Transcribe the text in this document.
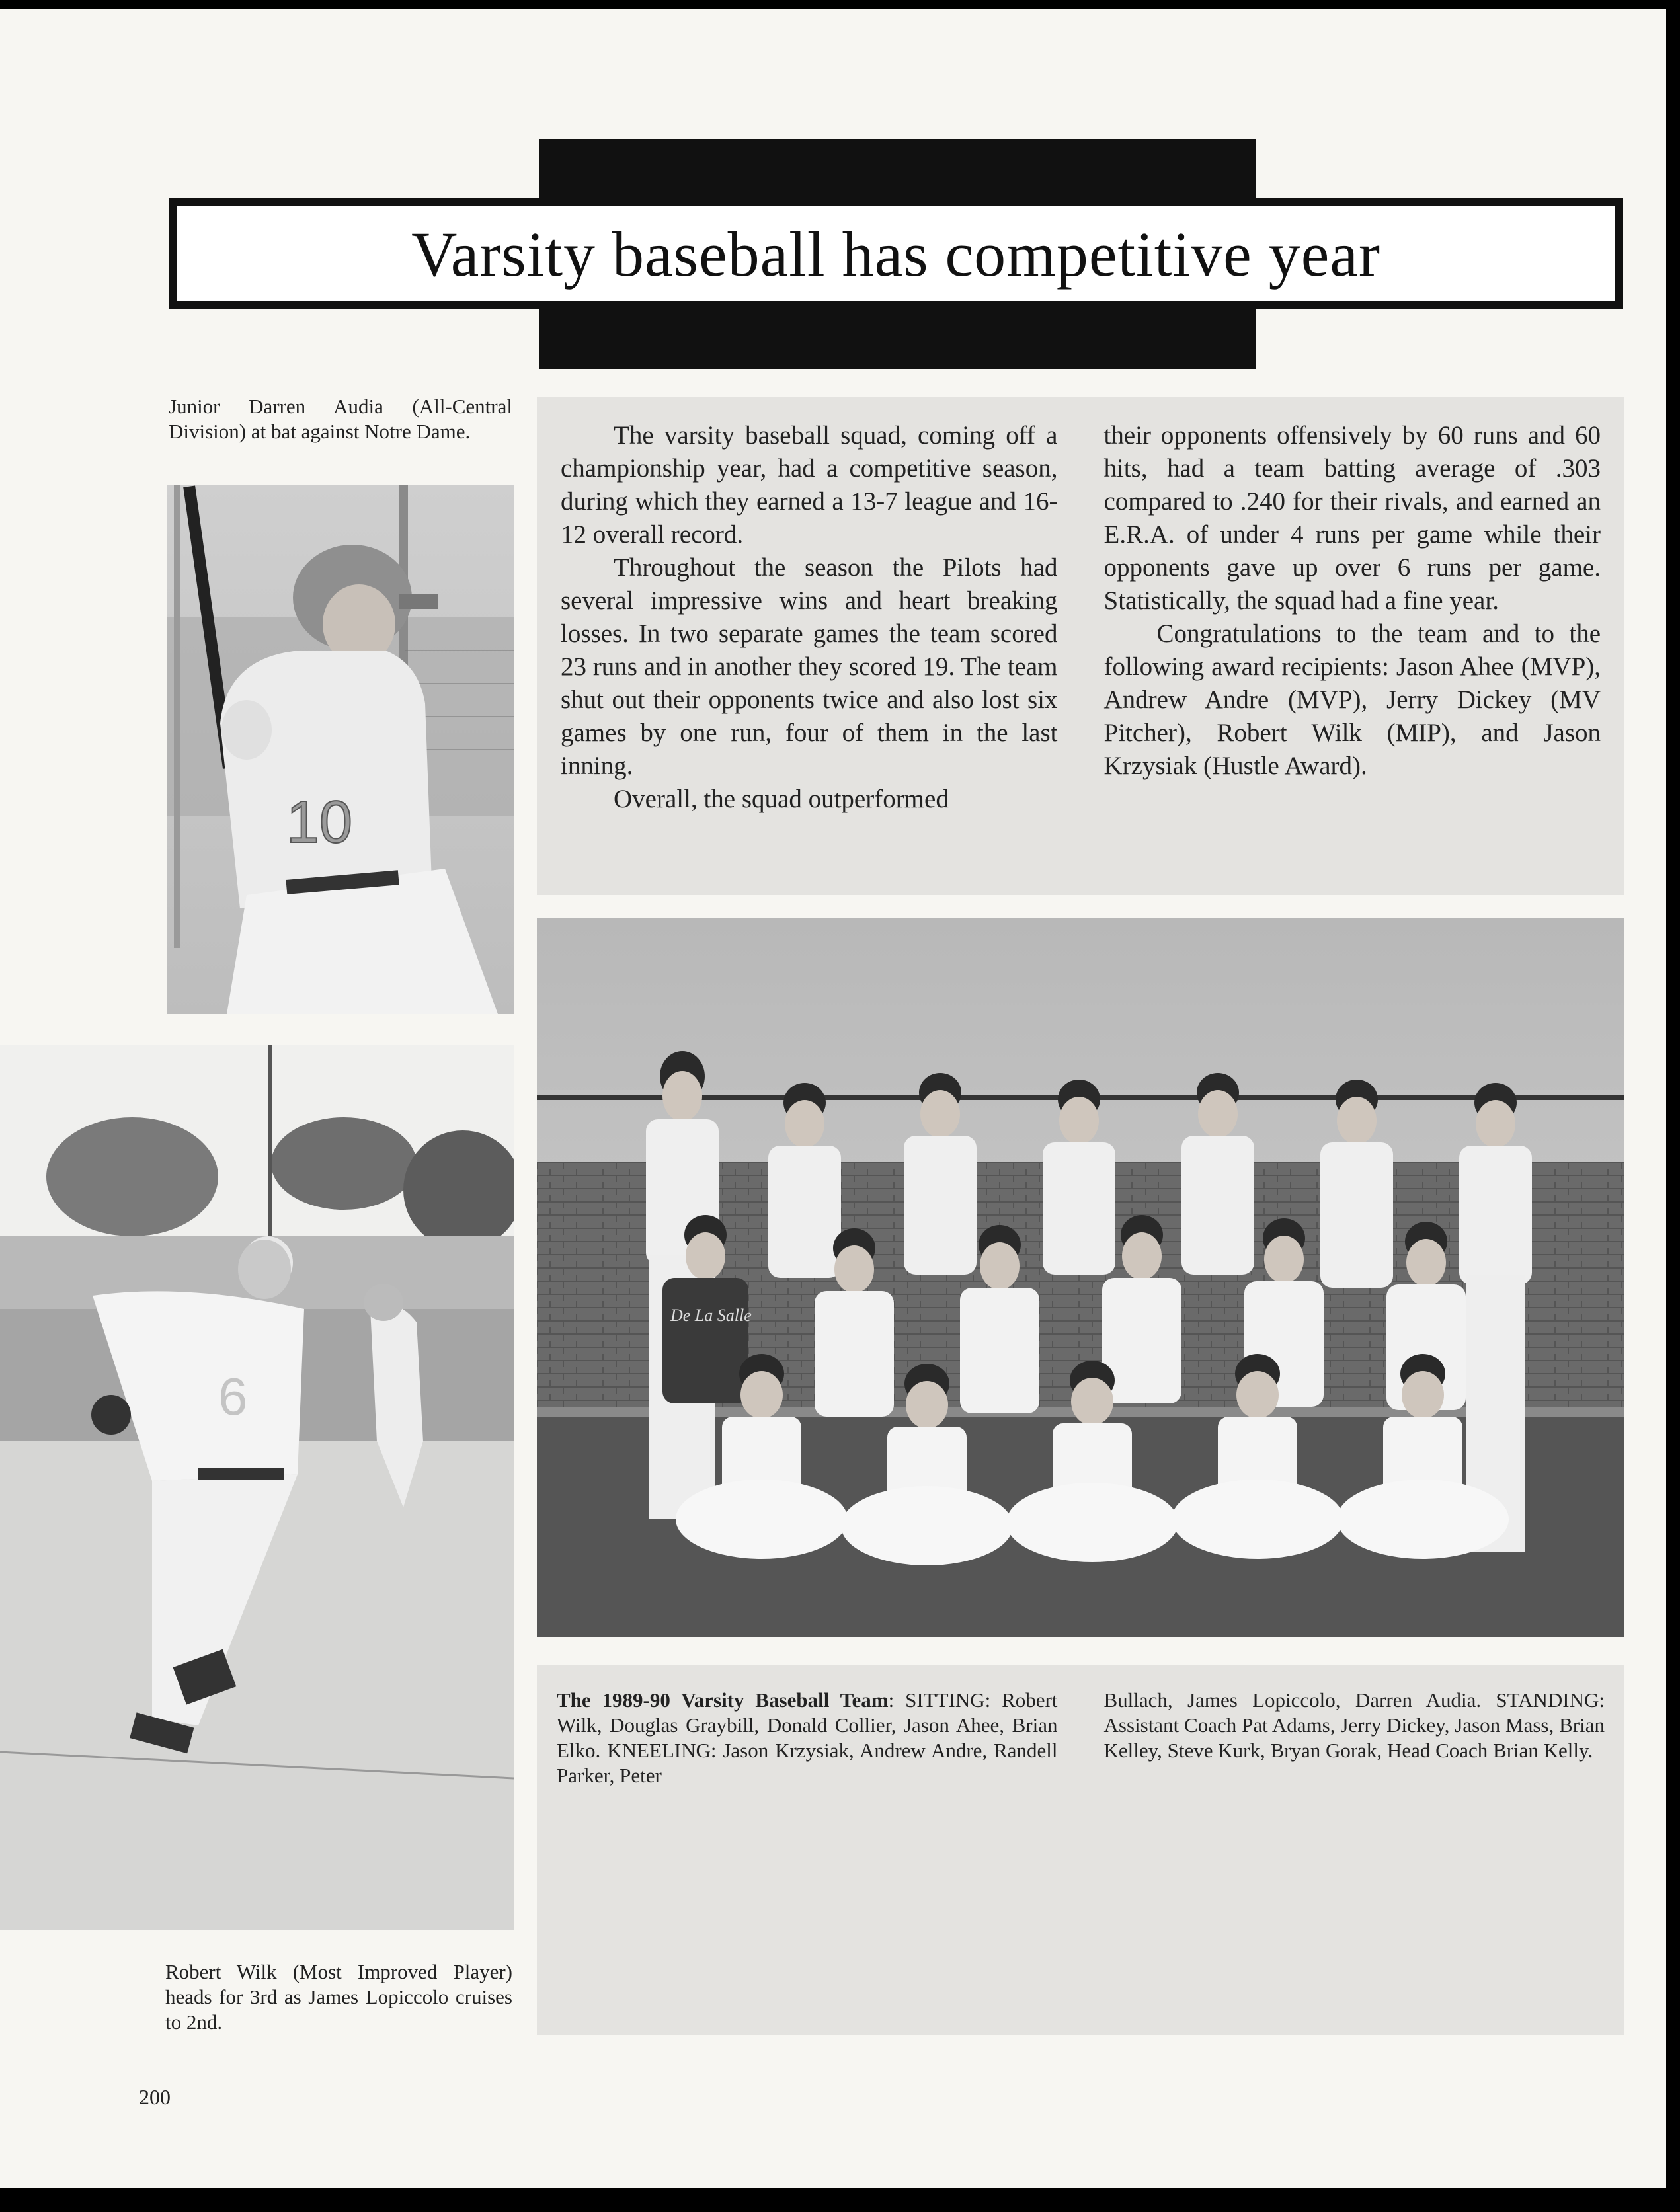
Varsity baseball has competitive year
Junior Darren Audia (All-Central Division) at bat against Notre Dame.
10
6
Robert Wilk (Most Improved Player) heads for 3rd as James Lopiccolo cruises to 2nd.

The varsity baseball squad, coming off a championship year, had a competitive season, during which they earned a 13-7 league and 16-12 overall record.

Throughout the season the Pilots had several impressive wins and heart breaking losses. In two separate games the team scored 23 runs and in another they scored 19. The team shut out their opponents twice and also lost six games by one run, four of them in the last inning.

Overall, the squad outperformed

their opponents offensively by 60 runs and 60 hits, had a team batting average of .303 compared to .240 for their rivals, and earned an E.R.A. of under 4 runs per game while their opponents gave up over 6 runs per game. Statistically, the squad had a fine year.

Congratulations to the team and to the following award recipients: Jason Ahee (MVP), Andrew Andre (MVP), Jerry Dickey (MV Pitcher), Robert Wilk (MIP), and Jason Krzysiak (Hustle Award).

De La Salle
The 1989-90 Varsity Baseball Team: SITTING: Robert Wilk, Douglas Graybill, Donald Collier, Jason Ahee, Brian Elko. KNEELING: Jason Krzysiak, Andrew Andre, Randell Parker, Peter
Bullach, James Lopiccolo, Darren Audia. STANDING: Assistant Coach Pat Adams, Jerry Dickey, Jason Mass, Brian Kelley, Steve Kurk, Bryan Gorak, Head Coach Brian Kelly.
200
